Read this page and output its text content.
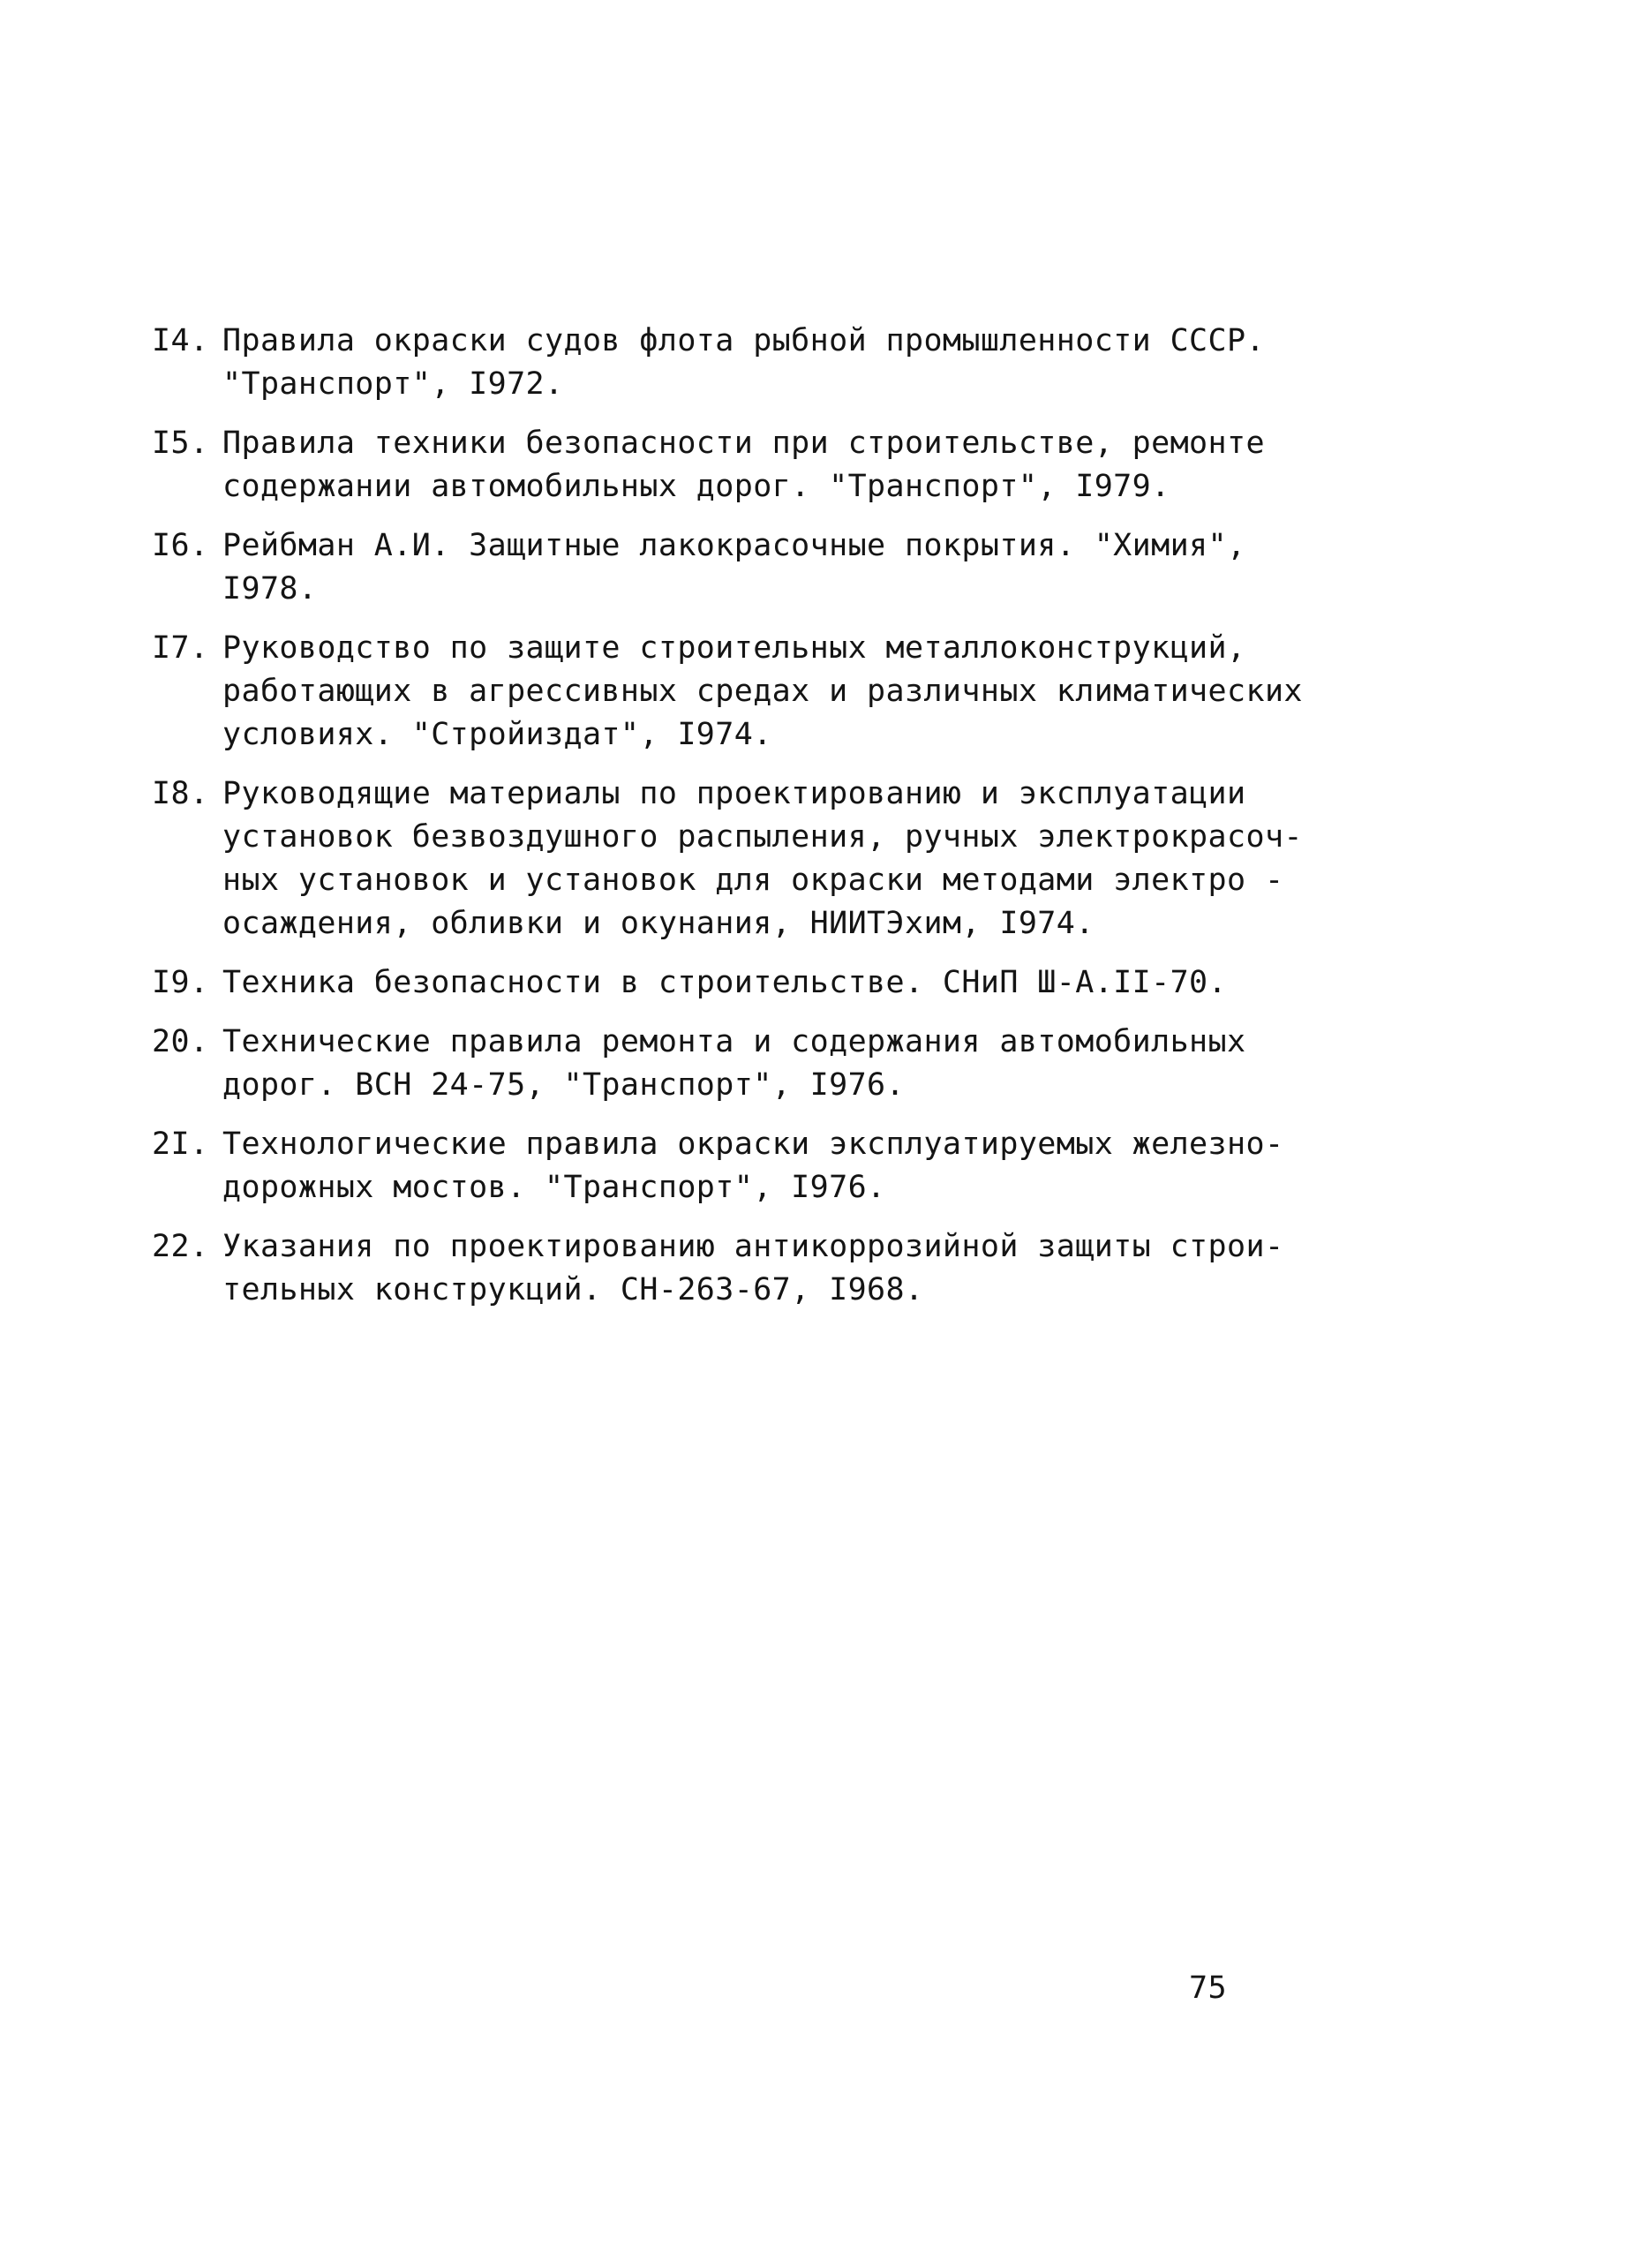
I4. Правила окраски судов флота рыбной промышленности СССР.
"Транспорт", I972.
I5. Правила техники безопасности при строительстве, ремонте
содержании автомобильных дорог. "Транспорт", I979.
I6. Рейбман А.И. Защитные лакокрасочные покрытия. "Химия",
I978.
I7. Руководство по защите строительных металлоконструкций,
работающих в агрессивных средах и различных климатических
условиях. "Стройиздат", I974.
I8. Руководящие материалы по проектированию и эксплуатации
установок безвоздушного распыления, ручных электрокрасоч-
ных установок и установок для окраски методами электро -
осаждения, обливки и окунания, НИИТЭхим, I974.
I9. Техника безопасности в строительстве. СНиП Ш-А.II-70.
20. Технические правила ремонта и содержания автомобильных
дорог. ВСН 24-75, "Транспорт", I976.
2I. Технологические правила окраски эксплуатируемых железно-
дорожных мостов. "Транспорт", I976.
22. Указания по проектированию антикоррозийной защиты строи-
тельных конструкций. СН-263-67, I968.
75
